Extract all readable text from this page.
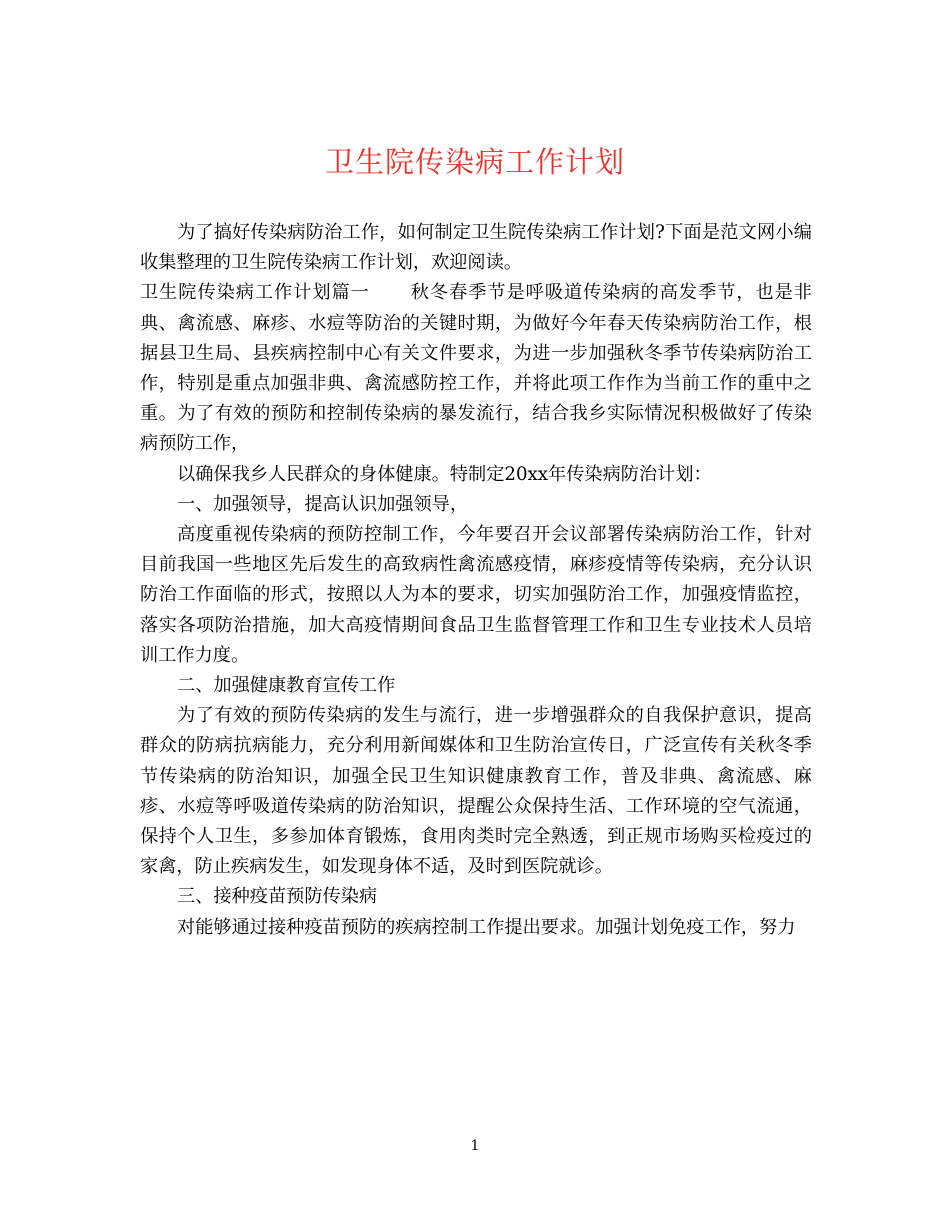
卫生院传染病工作计划

为了搞好传染病防治工作，如何制定卫生院传染病工作计划?下面是范文网小编收集整理的卫生院传染病工作计划，欢迎阅读。

卫生院传染病工作计划篇一 秋冬春季节是呼吸道传染病的高发季节，也是非典、禽流感、麻疹、水痘等防治的关键时期，为做好今年春天传染病防治工作，根据县卫生局、县疾病控制中心有关文件要求，为进一步加强秋冬季节传染病防治工作，特别是重点加强非典、禽流感防控工作，并将此项工作作为当前工作的重中之重。为了有效的预防和控制传染病的暴发流行，结合我乡实际情况积极做好了传染病预防工作，

以确保我乡人民群众的身体健康。特制定20xx年传染病防治计划：

一、加强领导，提高认识加强领导，

高度重视传染病的预防控制工作，今年要召开会议部署传染病防治工作，针对目前我国一些地区先后发生的高致病性禽流感疫情，麻疹疫情等传染病，充分认识防治工作面临的形式，按照以人为本的要求，切实加强防治工作，加强疫情监控，落实各项防治措施，加大高疫情期间食品卫生监督管理工作和卫生专业技术人员培训工作力度。

二、加强健康教育宣传工作

为了有效的预防传染病的发生与流行，进一步增强群众的自我保护意识，提高群众的防病抗病能力，充分利用新闻媒体和卫生防治宣传日，广泛宣传有关秋冬季节传染病的防治知识，加强全民卫生知识健康教育工作，普及非典、禽流感、麻疹、水痘等呼吸道传染病的防治知识，提醒公众保持生活、工作环境的空气流通，保持个人卫生，多参加体育锻炼，食用肉类时完全熟透，到正规市场购买检疫过的家禽，防止疾病发生，如发现身体不适，及时到医院就诊。

三、接种疫苗预防传染病

对能够通过接种疫苗预防的疾病控制工作提出要求。加强计划免疫工作，努力

1
